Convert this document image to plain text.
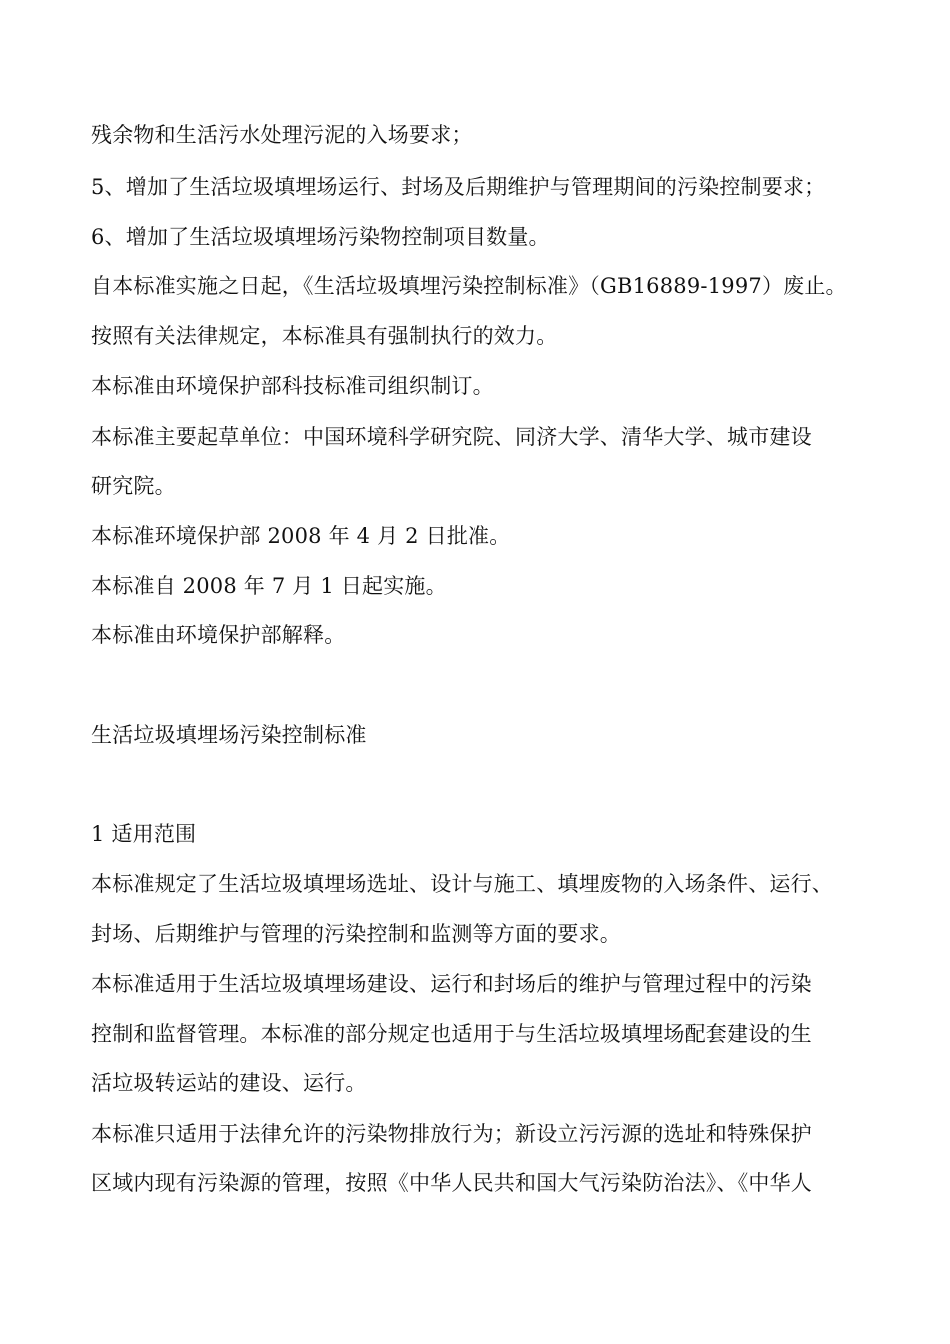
残余物和生活污水处理污泥的入场要求；
5、增加了生活垃圾填埋场运行、封场及后期维护与管理期间的污染控制要求；
6、增加了生活垃圾填埋场污染物控制项目数量。
自本标准实施之日起，《生活垃圾填埋污染控制标准》（GB16889-1997）废止。
按照有关法律规定，本标准具有强制执行的效力。
本标准由环境保护部科技标准司组织制订。
本标准主要起草单位：中国环境科学研究院、同济大学、清华大学、城市建设
研究院。
本标准环境保护部 2008 年 4 月 2 日批准。
本标准自 2008 年 7 月 1 日起实施。
本标准由环境保护部解释。
生活垃圾填埋场污染控制标准
1 适用范围
本标准规定了生活垃圾填埋场选址、设计与施工、填埋废物的入场条件、运行、
封场、后期维护与管理的污染控制和监测等方面的要求。
本标准适用于生活垃圾填埋场建设、运行和封场后的维护与管理过程中的污染
控制和监督管理。本标准的部分规定也适用于与生活垃圾填埋场配套建设的生
活垃圾转运站的建设、运行。
本标准只适用于法律允许的污染物排放行为；新设立污污源的选址和特殊保护
区域内现有污染源的管理，按照《中华人民共和国大气污染防治法》、《中华人
